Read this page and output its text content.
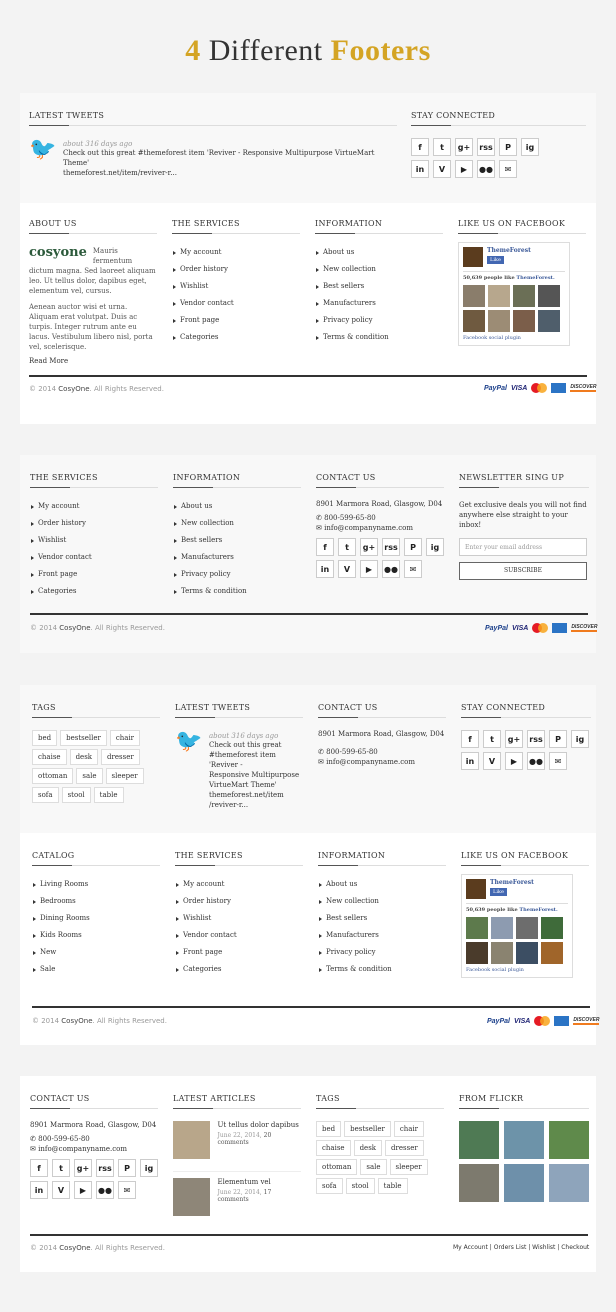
4 Different Footers
LATEST TWEETS
🐦 about 316 days ago
Check out this great #themeforest item 'Reviver - Responsive Multipurpose VirtueMart Theme'
themeforest.net/item/reviver-r...
STAY CONNECTED
f	t	g+	rss	P	ig
in	V	▶	●●	✉
ABOUT US
cosyone Mauris fermentum dictum magna. Sed laoreet aliquam leo. Ut tellus dolor, dapibus eget, elementum vel, cursus.
Aenean auctor wisi et urna. Aliquam erat volutpat. Duis ac turpis. Integer rutrum ante eu lacus. Vestibulum libero nisl, porta vel, scelerisque.
Read More
THE SERVICES
My account
Order history
Wishlist
Vendor contact
Front page
Categories
INFORMATION
About us
New collection
Best sellers
Manufacturers
Privacy policy
Terms & condition
LIKE US ON FACEBOOK
ThemeForest
Like
50,639 people like ThemeForest.
Facebook social plugin
© 2014 CosyOne. All Rights Reserved.	PayPal VISA	DISCOVER
THE SERVICES
My account
Order history
Wishlist
Vendor contact
Front page
Categories
INFORMATION
About us
New collection
Best sellers
Manufacturers
Privacy policy
Terms & condition
CONTACT US

8901 Marmora Road, Glasgow, D04

✆ 800-599-65-80

✉ info@companyname.com

f	t	g+	rss	P	ig
in	V	▶	●●	✉
NEWSLETTER SING UP
Get exclusive deals you will not find anywhere else straight to your inbox!
Enter your email address
SUBSCRIBE
© 2014 CosyOne. All Rights Reserved.	PayPal VISA	DISCOVER
TAGS
bed	bestseller	chair
chaise	desk	dresser
ottoman	sale	sleeper
sofa	stool	table
LATEST TWEETS
🐦 about 316 days ago
Check out this great
#themeforest item 'Reviver -
Responsive Multipurpose
VirtueMart Theme'
themeforest.net/item
/reviver-r...
CONTACT US

8901 Marmora Road, Glasgow, D04

✆ 800-599-65-80

✉ info@companyname.com

STAY CONNECTED
f	t	g+	rss	P	ig
in	V	▶	●●	✉
CATALOG
Living Rooms
Bedrooms
Dining Rooms
Kids Rooms
New
Sale
THE SERVICES
My account
Order history
Wishlist
Vendor contact
Front page
Categories
INFORMATION
About us
New collection
Best sellers
Manufacturers
Privacy policy
Terms & condition
LIKE US ON FACEBOOK
ThemeForest
Like
50,639 people like ThemeForest.
Facebook social plugin
© 2014 CosyOne. All Rights Reserved.	PayPal VISA	DISCOVER
CONTACT US

8901 Marmora Road, Glasgow, D04

✆ 800-599-65-80

✉ info@companyname.com

f	t	g+	rss	P	ig
in	V	▶	●●	✉
LATEST ARTICLES
Ut tellus dolor dapibus
June 22, 2014, 20 comments
Elementum vel
June 22, 2014, 17 comments
TAGS
bed	bestseller	chair
chaise	desk	dresser
ottoman	sale	sleeper
sofa	stool	table
FROM FLICKR
© 2014 CosyOne. All Rights Reserved.	My Account | Orders List | Wishlist | Checkout
